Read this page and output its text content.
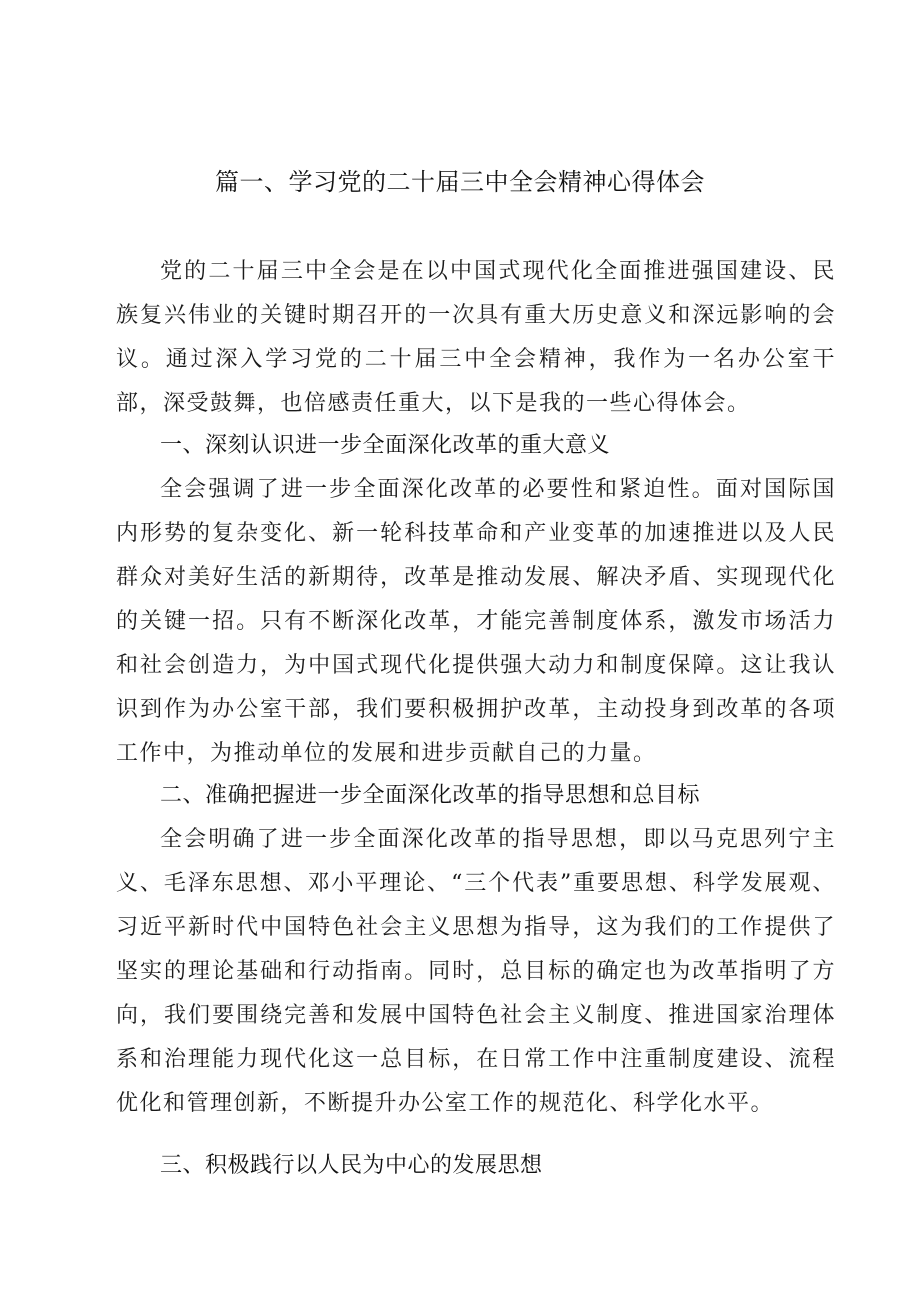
篇一、学习党的二十届三中全会精神心得体会

党的二十届三中全会是在以中国式现代化全面推进强国建设、民族复兴伟业的关键时期召开的一次具有重大历史意义和深远影响的会议。通过深入学习党的二十届三中全会精神，我作为一名办公室干部，深受鼓舞，也倍感责任重大，以下是我的一些心得体会。

一、深刻认识进一步全面深化改革的重大意义

全会强调了进一步全面深化改革的必要性和紧迫性。面对国际国内形势的复杂变化、新一轮科技革命和产业变革的加速推进以及人民群众对美好生活的新期待，改革是推动发展、解决矛盾、实现现代化的关键一招。只有不断深化改革，才能完善制度体系，激发市场活力和社会创造力，为中国式现代化提供强大动力和制度保障。这让我认识到作为办公室干部，我们要积极拥护改革，主动投身到改革的各项工作中，为推动单位的发展和进步贡献自己的力量。

二、准确把握进一步全面深化改革的指导思想和总目标

全会明确了进一步全面深化改革的指导思想，即以马克思列宁主义、毛泽东思想、邓小平理论、“三个代表”重要思想、科学发展观、习近平新时代中国特色社会主义思想为指导，这为我们的工作提供了坚实的理论基础和行动指南。同时，总目标的确定也为改革指明了方向，我们要围绕完善和发展中国特色社会主义制度、推进国家治理体系和治理能力现代化这一总目标，在日常工作中注重制度建设、流程优化和管理创新，不断提升办公室工作的规范化、科学化水平。

三、积极践行以人民为中心的发展思想
